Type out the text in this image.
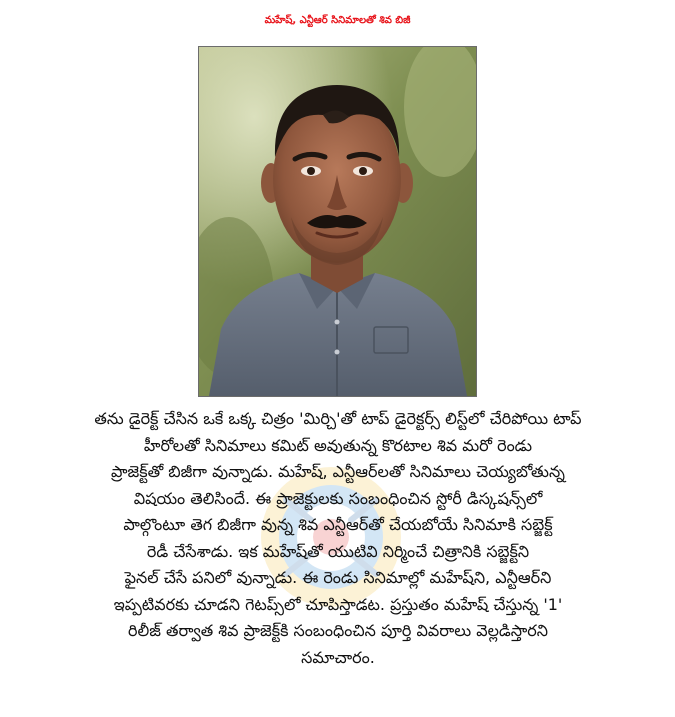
మహేష్, ఎన్టీఆర్ సినిమాలతో శివ బిజీ
తను డైరెక్ట్ చేసిన ఒకే ఒక్క చిత్రం 'మిర్చి'తో టాప్ డైరెక్టర్స్ లిస్ట్‌లో చేరిపోయి టాప్
హీరోలతో సినిమాలు కమిట్ అవుతున్న కొరటాల శివ మరో రెండు
ప్రాజెక్ట్‌తో బిజీగా వున్నాడు. మహేష్, ఎన్టీఆర్‌లతో సినిమాలు చెయ్యబోతున్న
విషయం తెలిసిందే. ఈ ప్రాజెక్టులకు సంబంధించిన స్టోరీ డిస్కషన్స్‌లో
పాల్గొంటూ తెగ బిజీగా వున్న శివ ఎన్టీఆర్‌తో చేయబోయే సినిమాకి సబ్జెక్ట్
రెడీ చేసేశాడు. ఇక మహేష్‌తో యుటివి నిర్మించే చిత్రానికి సబ్జెక్ట్‌ని
ఫైనల్ చేసే పనిలో వున్నాడు. ఈ రెండు సినిమాల్లో మహేష్‌ని, ఎన్టీఆర్‌ని
ఇప్పటివరకు చూడని గెటప్స్‌లో చూపిస్తాడట. ప్రస్తుతం మహేష్ చేస్తున్న '1'
రిలీజ్ తర్వాత శివ ప్రాజెక్ట్‌కి సంబంధించిన పూర్తి వివరాలు వెల్లడిస్తారని
సమాచారం.
